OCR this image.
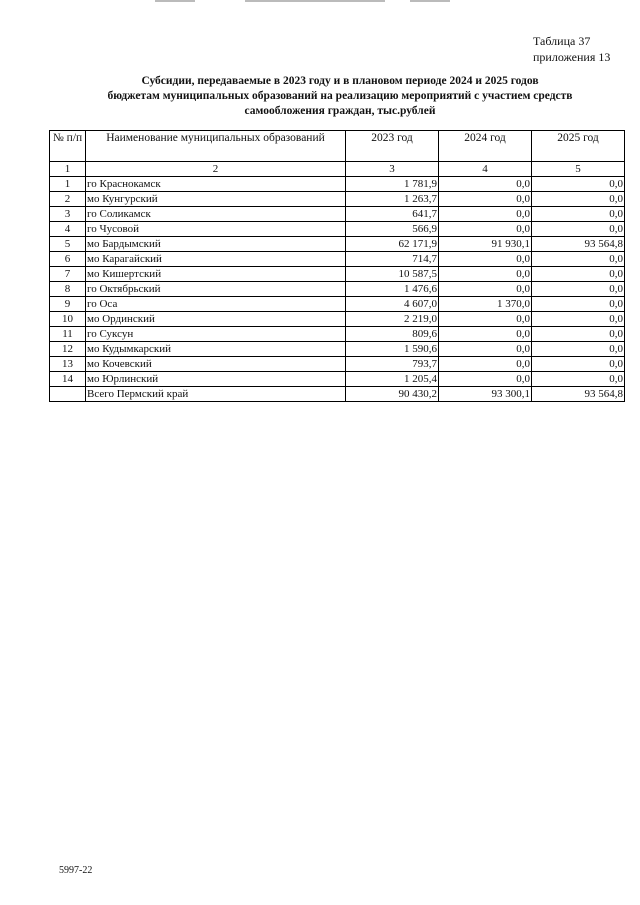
Таблица 37
приложения 13
Субсидии, передаваемые в 2023 году и в плановом периоде 2024 и 2025 годов
бюджетам муниципальных образований на реализацию мероприятий с участием средств
самообложения граждан, тыс.рублей
№ п/п	Наименование муниципальных образований	2023 год	2024 год	2025 год
1	2	3	4	5
1	го Краснокамск	1 781,9	0,0	0,0
2	мо Кунгурский	1 263,7	0,0	0,0
3	го Соликамск	641,7	0,0	0,0
4	го Чусовой	566,9	0,0	0,0
5	мо Бардымский	62 171,9	91 930,1	93 564,8
6	мо Карагайский	714,7	0,0	0,0
7	мо Кишертский	10 587,5	0,0	0,0
8	го Октябрьский	1 476,6	0,0	0,0
9	го Оса	4 607,0	1 370,0	0,0
10	мо Ординский	2 219,0	0,0	0,0
11	го Суксун	809,6	0,0	0,0
12	мо Кудымкарский	1 590,6	0,0	0,0
13	мо Кочевский	793,7	0,0	0,0
14	мо Юрлинский	1 205,4	0,0	0,0
	Всего Пермский край	90 430,2	93 300,1	93 564,8
5997-22
